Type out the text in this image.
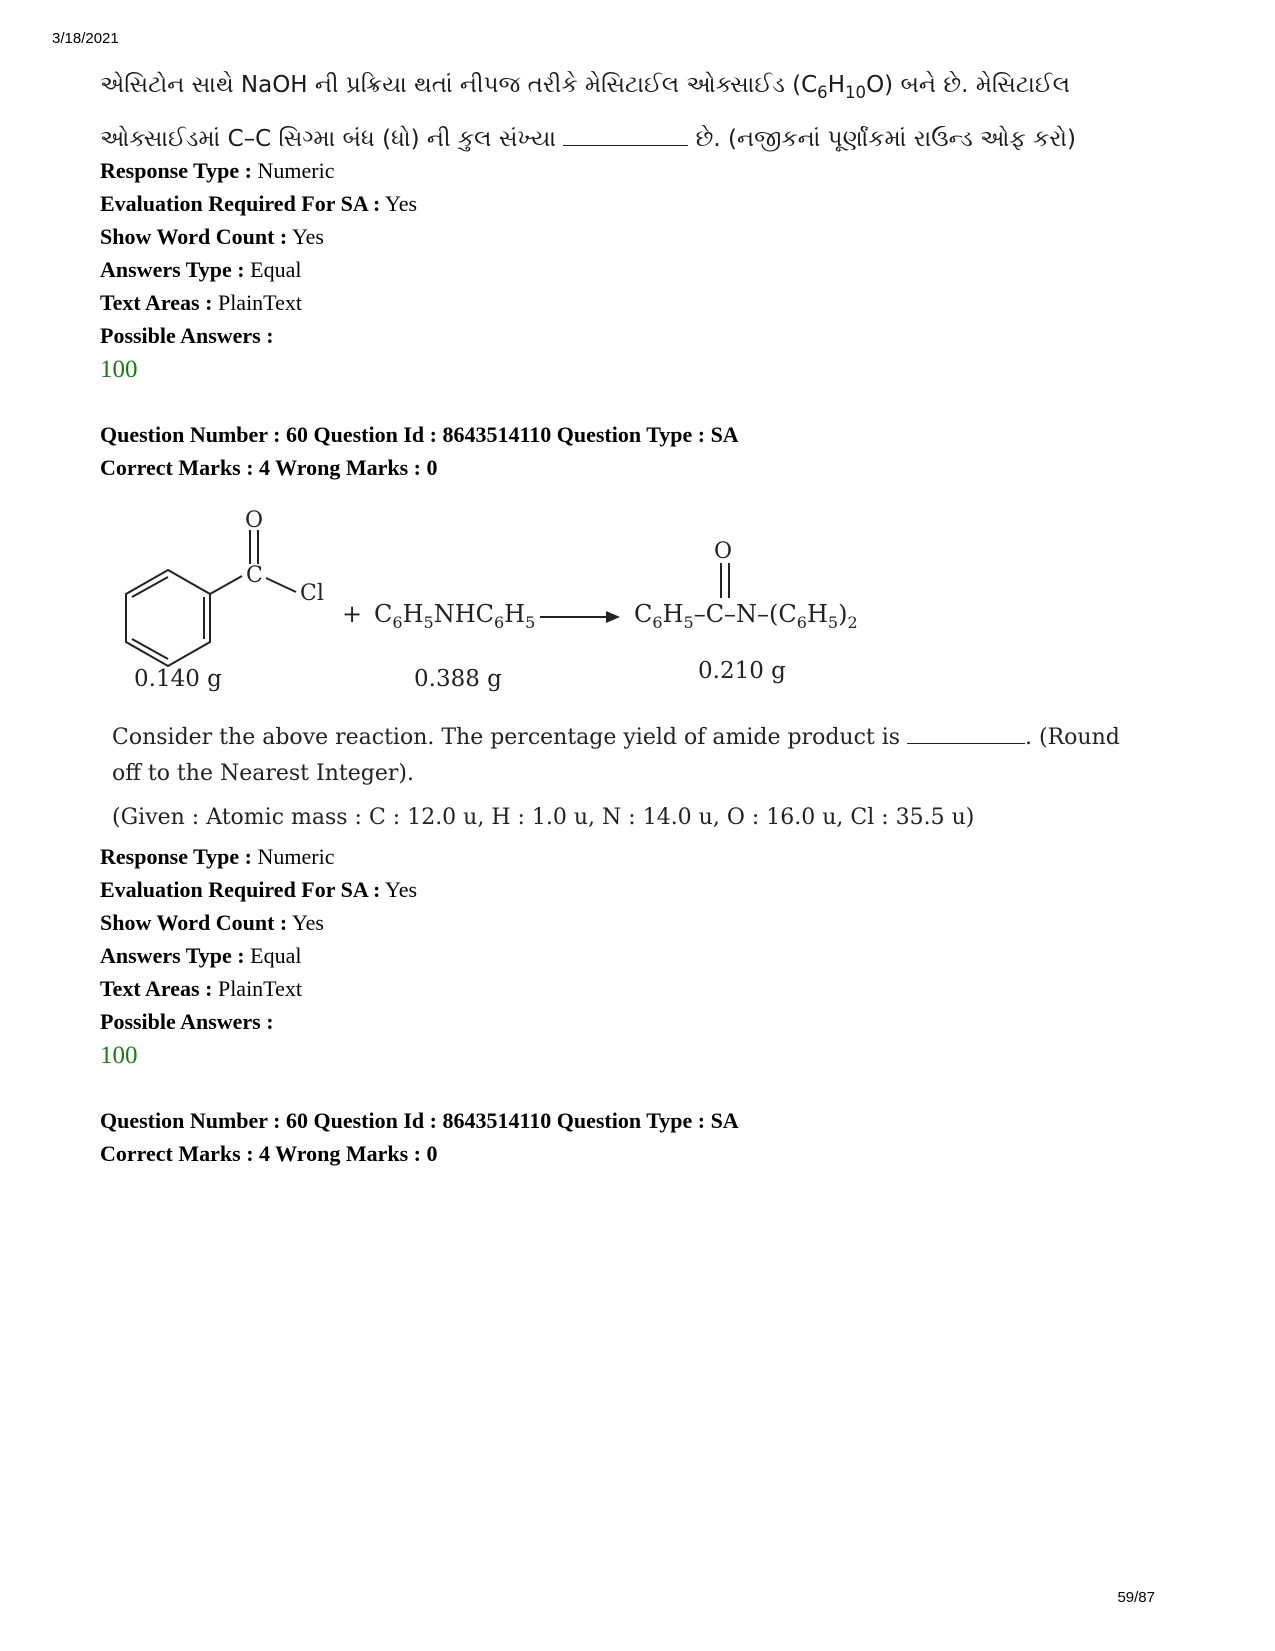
3/18/2021
59/87
એસિટોન સાથે NaOH ની પ્રક્રિયા થતાં નીપજ તરીકે મેસિટાઈલ ઓક્સાઈડ $(C_6H_{10}O)$ બને છે. મેસિટાઈલ
ઓક્સાઈડમાં C–C સિગ્મા બંધ (ધો) ની કુલ સંખ્યા	છે. (નજીકનાં પૂર્ણાંકમાં રાઉન્ડ ઓફ કરો)
Response Type : Numeric
Evaluation Required For SA : Yes
Show Word Count : Yes
Answers Type : Equal
Text Areas : PlainText
Possible Answers :
100
Question Number : 60 Question Id : 8643514110 Question Type : SA
Correct Marks : 4 Wrong Marks : 0
O
C
Cl
+ $C_6H_5NHC_6H_5$
O
$C_6H_5-C-N-(C_6H_5)_2$
0.140 g	0.388 g	0.210 g
Consider the above reaction. The percentage yield of amide product is	. (Round
off to the Nearest Integer).
(Given : Atomic mass : C : 12.0 u, H : 1.0 u, N : 14.0 u, O : 16.0 u, Cl : 35.5 u)
Response Type : Numeric
Evaluation Required For SA : Yes
Show Word Count : Yes
Answers Type : Equal
Text Areas : PlainText
Possible Answers :
100
Question Number : 60 Question Id : 8643514110 Question Type : SA
Correct Marks : 4 Wrong Marks : 0
